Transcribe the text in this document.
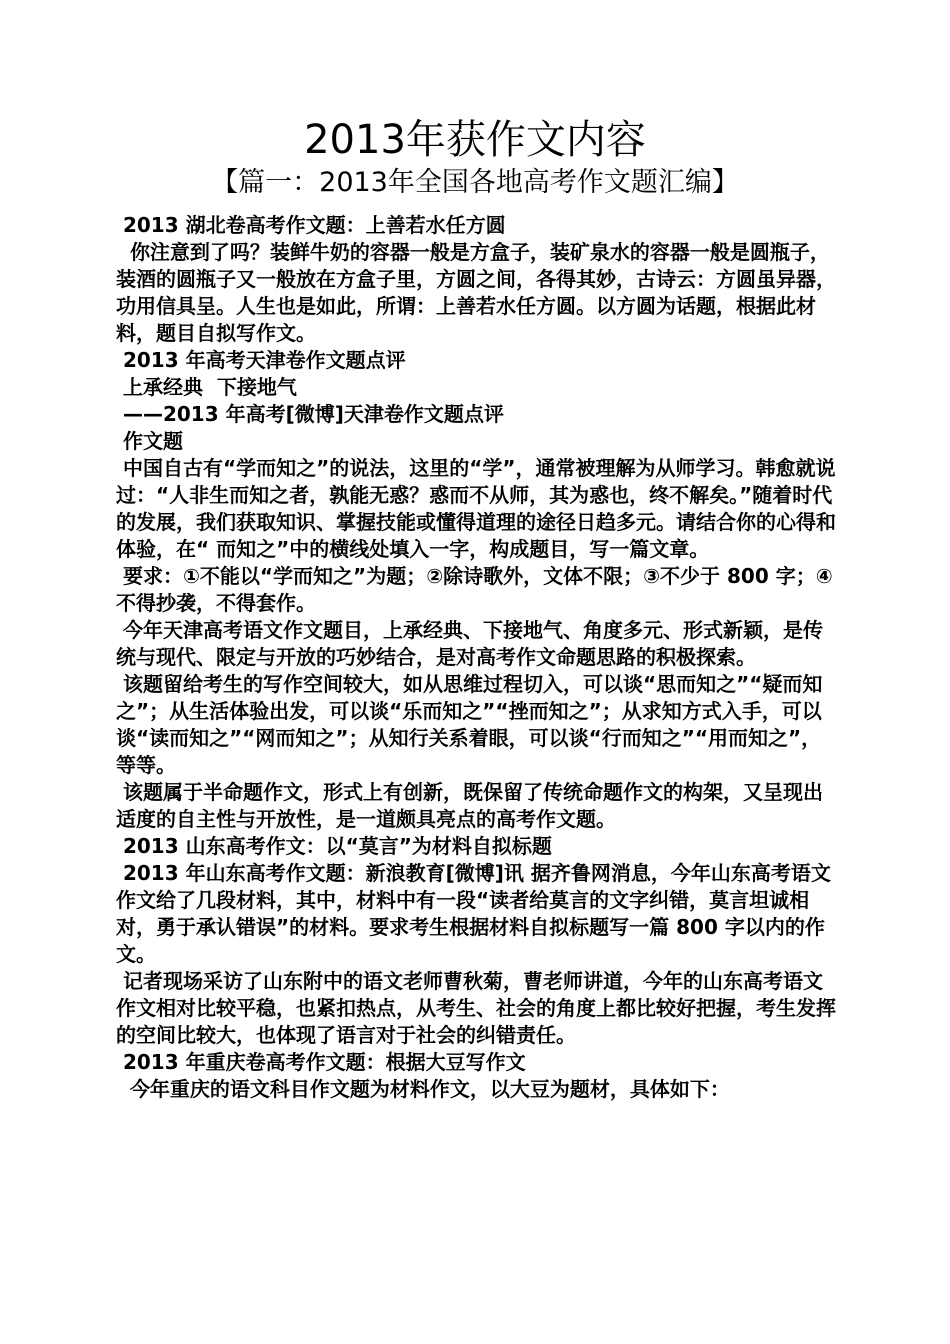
2013年获作文内容
【篇一：2013年全国各地高考作文题汇编】

2013 湖北卷高考作文题：上善若水任方圆

你注意到了吗？装鲜牛奶的容器一般是方盒子，装矿泉水的容器一般是圆瓶子，装酒的圆瓶子又一般放在方盒子里，方圆之间，各得其妙，古诗云：方圆虽异器，功用信具呈。人生也是如此，所谓：上善若水任方圆。以方圆为话题，根据此材料，题目自拟写作文。

2013 年高考天津卷作文题点评

上承经典  下接地气

——2013 年高考[微博]天津卷作文题点评

作文题

中国自古有“学而知之”的说法，这里的“学”，通常被理解为从师学习。韩愈就说过：“人非生而知之者，孰能无惑？惑而不从师，其为惑也，终不解矣。”随着时代的发展，我们获取知识、掌握技能或懂得道理的途径日趋多元。请结合你的心得和体验，在“ 而知之”中的横线处填入一字，构成题目，写一篇文章。

要求：①不能以“学而知之”为题；②除诗歌外，文体不限；③不少于 800 字；④不得抄袭，不得套作。

今年天津高考语文作文题目，上承经典、下接地气、角度多元、形式新颖，是传统与现代、限定与开放的巧妙结合，是对高考作文命题思路的积极探索。

该题留给考生的写作空间较大，如从思维过程切入，可以谈“思而知之”“疑而知之”；从生活体验出发，可以谈“乐而知之”“挫而知之”；从求知方式入手，可以谈“读而知之”“网而知之”；从知行关系着眼，可以谈“行而知之”“用而知之”，等等。

该题属于半命题作文，形式上有创新，既保留了传统命题作文的构架，又呈现出适度的自主性与开放性，是一道颇具亮点的高考作文题。

2013 山东高考作文：以“莫言”为材料自拟标题

2013 年山东高考作文题：新浪教育[微博]讯 据齐鲁网消息，今年山东高考语文作文给了几段材料，其中，材料中有一段“读者给莫言的文字纠错，莫言坦诚相对，勇于承认错误”的材料。要求考生根据材料自拟标题写一篇 800 字以内的作文。

记者现场采访了山东附中的语文老师曹秋菊，曹老师讲道，今年的山东高考语文作文相对比较平稳，也紧扣热点，从考生、社会的角度上都比较好把握，考生发挥的空间比较大，也体现了语言对于社会的纠错责任。

2013 年重庆卷高考作文题：根据大豆写作文

今年重庆的语文科目作文题为材料作文，以大豆为题材，具体如下：
